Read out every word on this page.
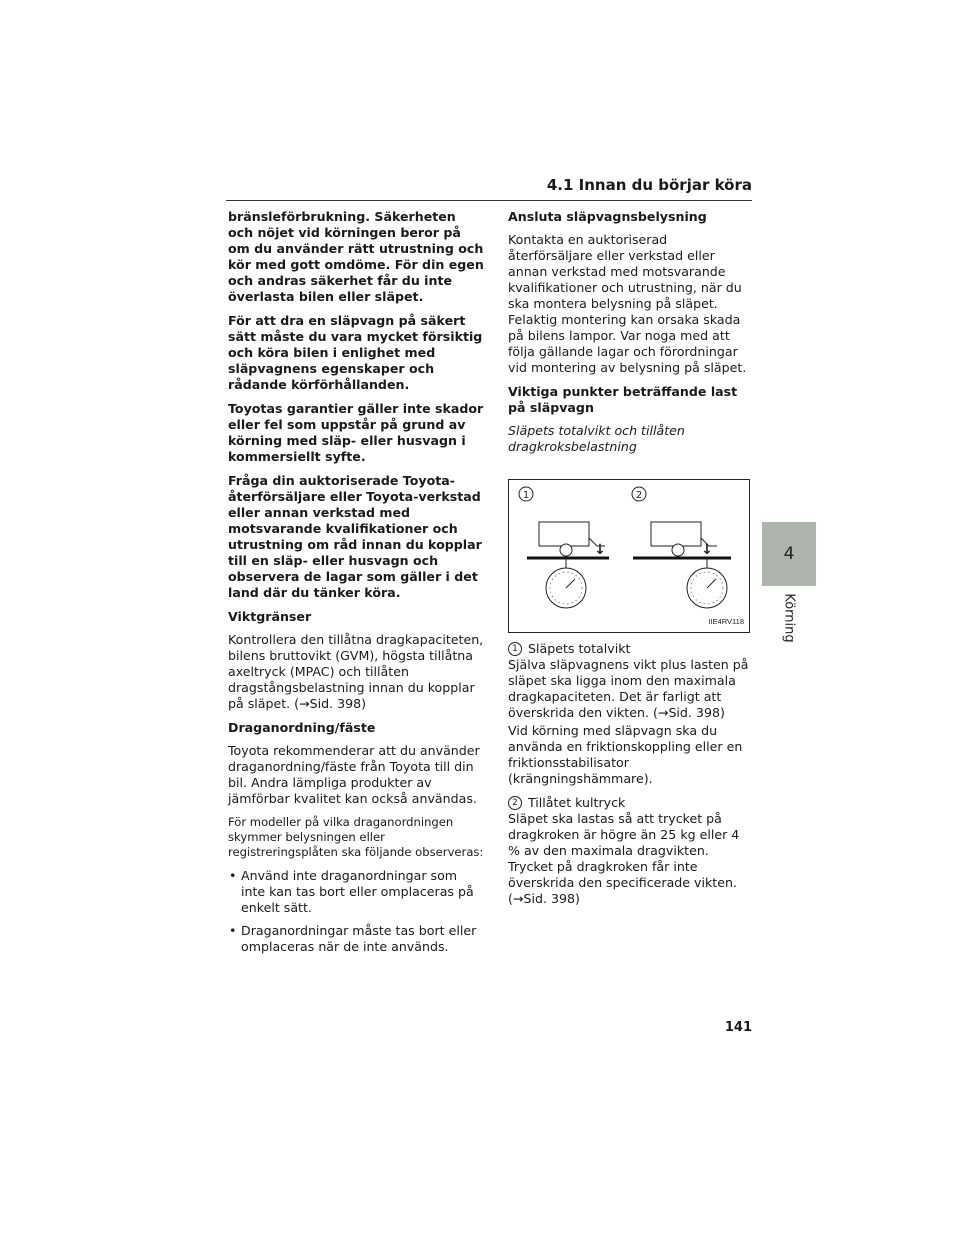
4.1 Innan du börjar köra
4
Körning

bränsleförbrukning. Säkerheten och nöjet vid körningen beror på om du använder rätt utrustning och kör med gott omdöme. För din egen och andras säkerhet får du inte överlasta bilen eller släpet.

För att dra en släpvagn på säkert sätt måste du vara mycket försiktig och köra bilen i enlighet med släpvagnens egenskaper och rådande körförhållanden.

Toyotas garantier gäller inte skador eller fel som uppstår på grund av körning med släp- eller husvagn i kommersiellt syfte.

Fråga din auktoriserade Toyota-återförsäljare eller Toyota-verkstad eller annan verkstad med motsvarande kvalifikationer och utrustning om råd innan du kopplar till en släp- eller husvagn och observera de lagar som gäller i det land där du tänker köra.

Viktgränser

Kontrollera den tillåtna dragkapaciteten, bilens bruttovikt (GVM), högsta tillåtna axeltryck (MPAC) och tillåten dragstångsbelastning innan du kopplar på släpet. (→Sid. 398)

Draganordning/fäste

Toyota rekommenderar att du använder draganordning/fäste från Toyota till din bil. Andra lämpliga produkter av jämförbar kvalitet kan också användas.

För modeller på vilka draganordningen skymmer belysningen eller registreringsplåten ska följande observeras:

• Använd inte draganordningar som inte kan tas bort eller omplaceras på enkelt sätt.
• Draganordningar måste tas bort eller omplaceras när de inte används.
Ansluta släpvagnsbelysning

Kontakta en auktoriserad återförsäljare eller verkstad eller annan verkstad med motsvarande kvalifikationer och utrustning, när du ska montera belysning på släpet. Felaktig montering kan orsaka skada på bilens lampor. Var noga med att följa gällande lagar och förordningar vid montering av belysning på släpet.

Viktiga punkter beträffande last på släpvagn

Släpets totalvikt och tillåten dragkroksbelastning

1	2
↓	↓
IIE4RV118
1 Släpets totalvikt

Själva släpvagnens vikt plus lasten på släpet ska ligga inom den maximala dragkapaciteten. Det är farligt att överskrida den vikten. (→Sid. 398)

Vid körning med släpvagn ska du använda en friktionskoppling eller en friktionsstabilisator (krängningshämmare).

2 Tillåtet kultryck

Släpet ska lastas så att trycket på dragkroken är högre än 25 kg eller 4 % av den maximala dragvikten. Trycket på dragkroken får inte överskrida den specificerade vikten. (→Sid. 398)

141
